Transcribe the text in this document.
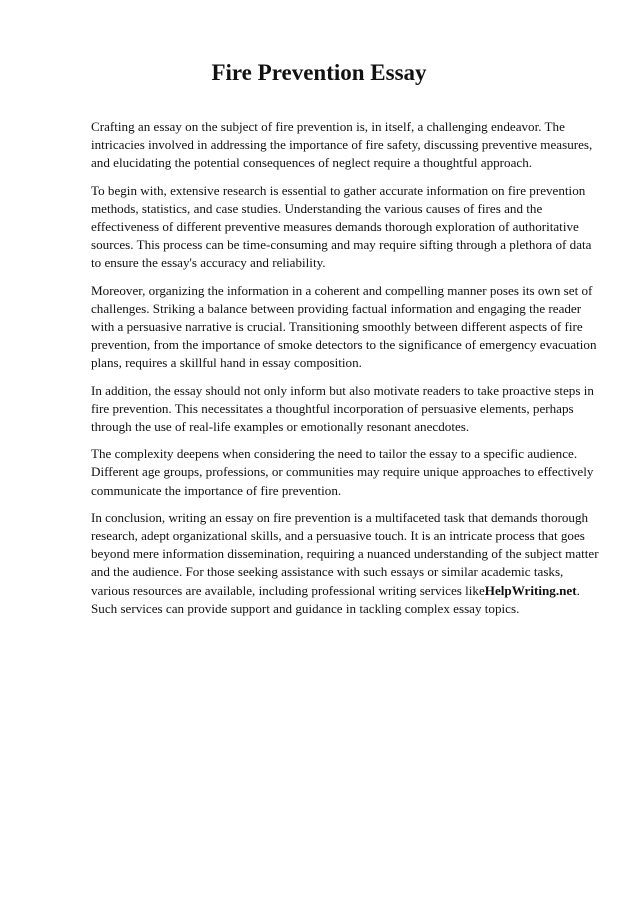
Fire Prevention Essay

Crafting an essay on the subject of fire prevention is, in itself, a challenging endeavor. The intricacies involved in addressing the importance of fire safety, discussing preventive measures, and elucidating the potential consequences of neglect require a thoughtful approach.

To begin with, extensive research is essential to gather accurate information on fire prevention methods, statistics, and case studies. Understanding the various causes of fires and the effectiveness of different preventive measures demands thorough exploration of authoritative sources. This process can be time-consuming and may require sifting through a plethora of data to ensure the essay's accuracy and reliability.

Moreover, organizing the information in a coherent and compelling manner poses its own set of challenges. Striking a balance between providing factual information and engaging the reader with a persuasive narrative is crucial. Transitioning smoothly between different aspects of fire prevention, from the importance of smoke detectors to the significance of emergency evacuation plans, requires a skillful hand in essay composition.

In addition, the essay should not only inform but also motivate readers to take proactive steps in fire prevention. This necessitates a thoughtful incorporation of persuasive elements, perhaps through the use of real-life examples or emotionally resonant anecdotes.

The complexity deepens when considering the need to tailor the essay to a specific audience. Different age groups, professions, or communities may require unique approaches to effectively communicate the importance of fire prevention.

In conclusion, writing an essay on fire prevention is a multifaceted task that demands thorough research, adept organizational skills, and a persuasive touch. It is an intricate process that goes beyond mere information dissemination, requiring a nuanced understanding of the subject matter and the audience. For those seeking assistance with such essays or similar academic tasks, various resources are available, including professional writing services likeHelpWriting.net. Such services can provide support and guidance in tackling complex essay topics.
